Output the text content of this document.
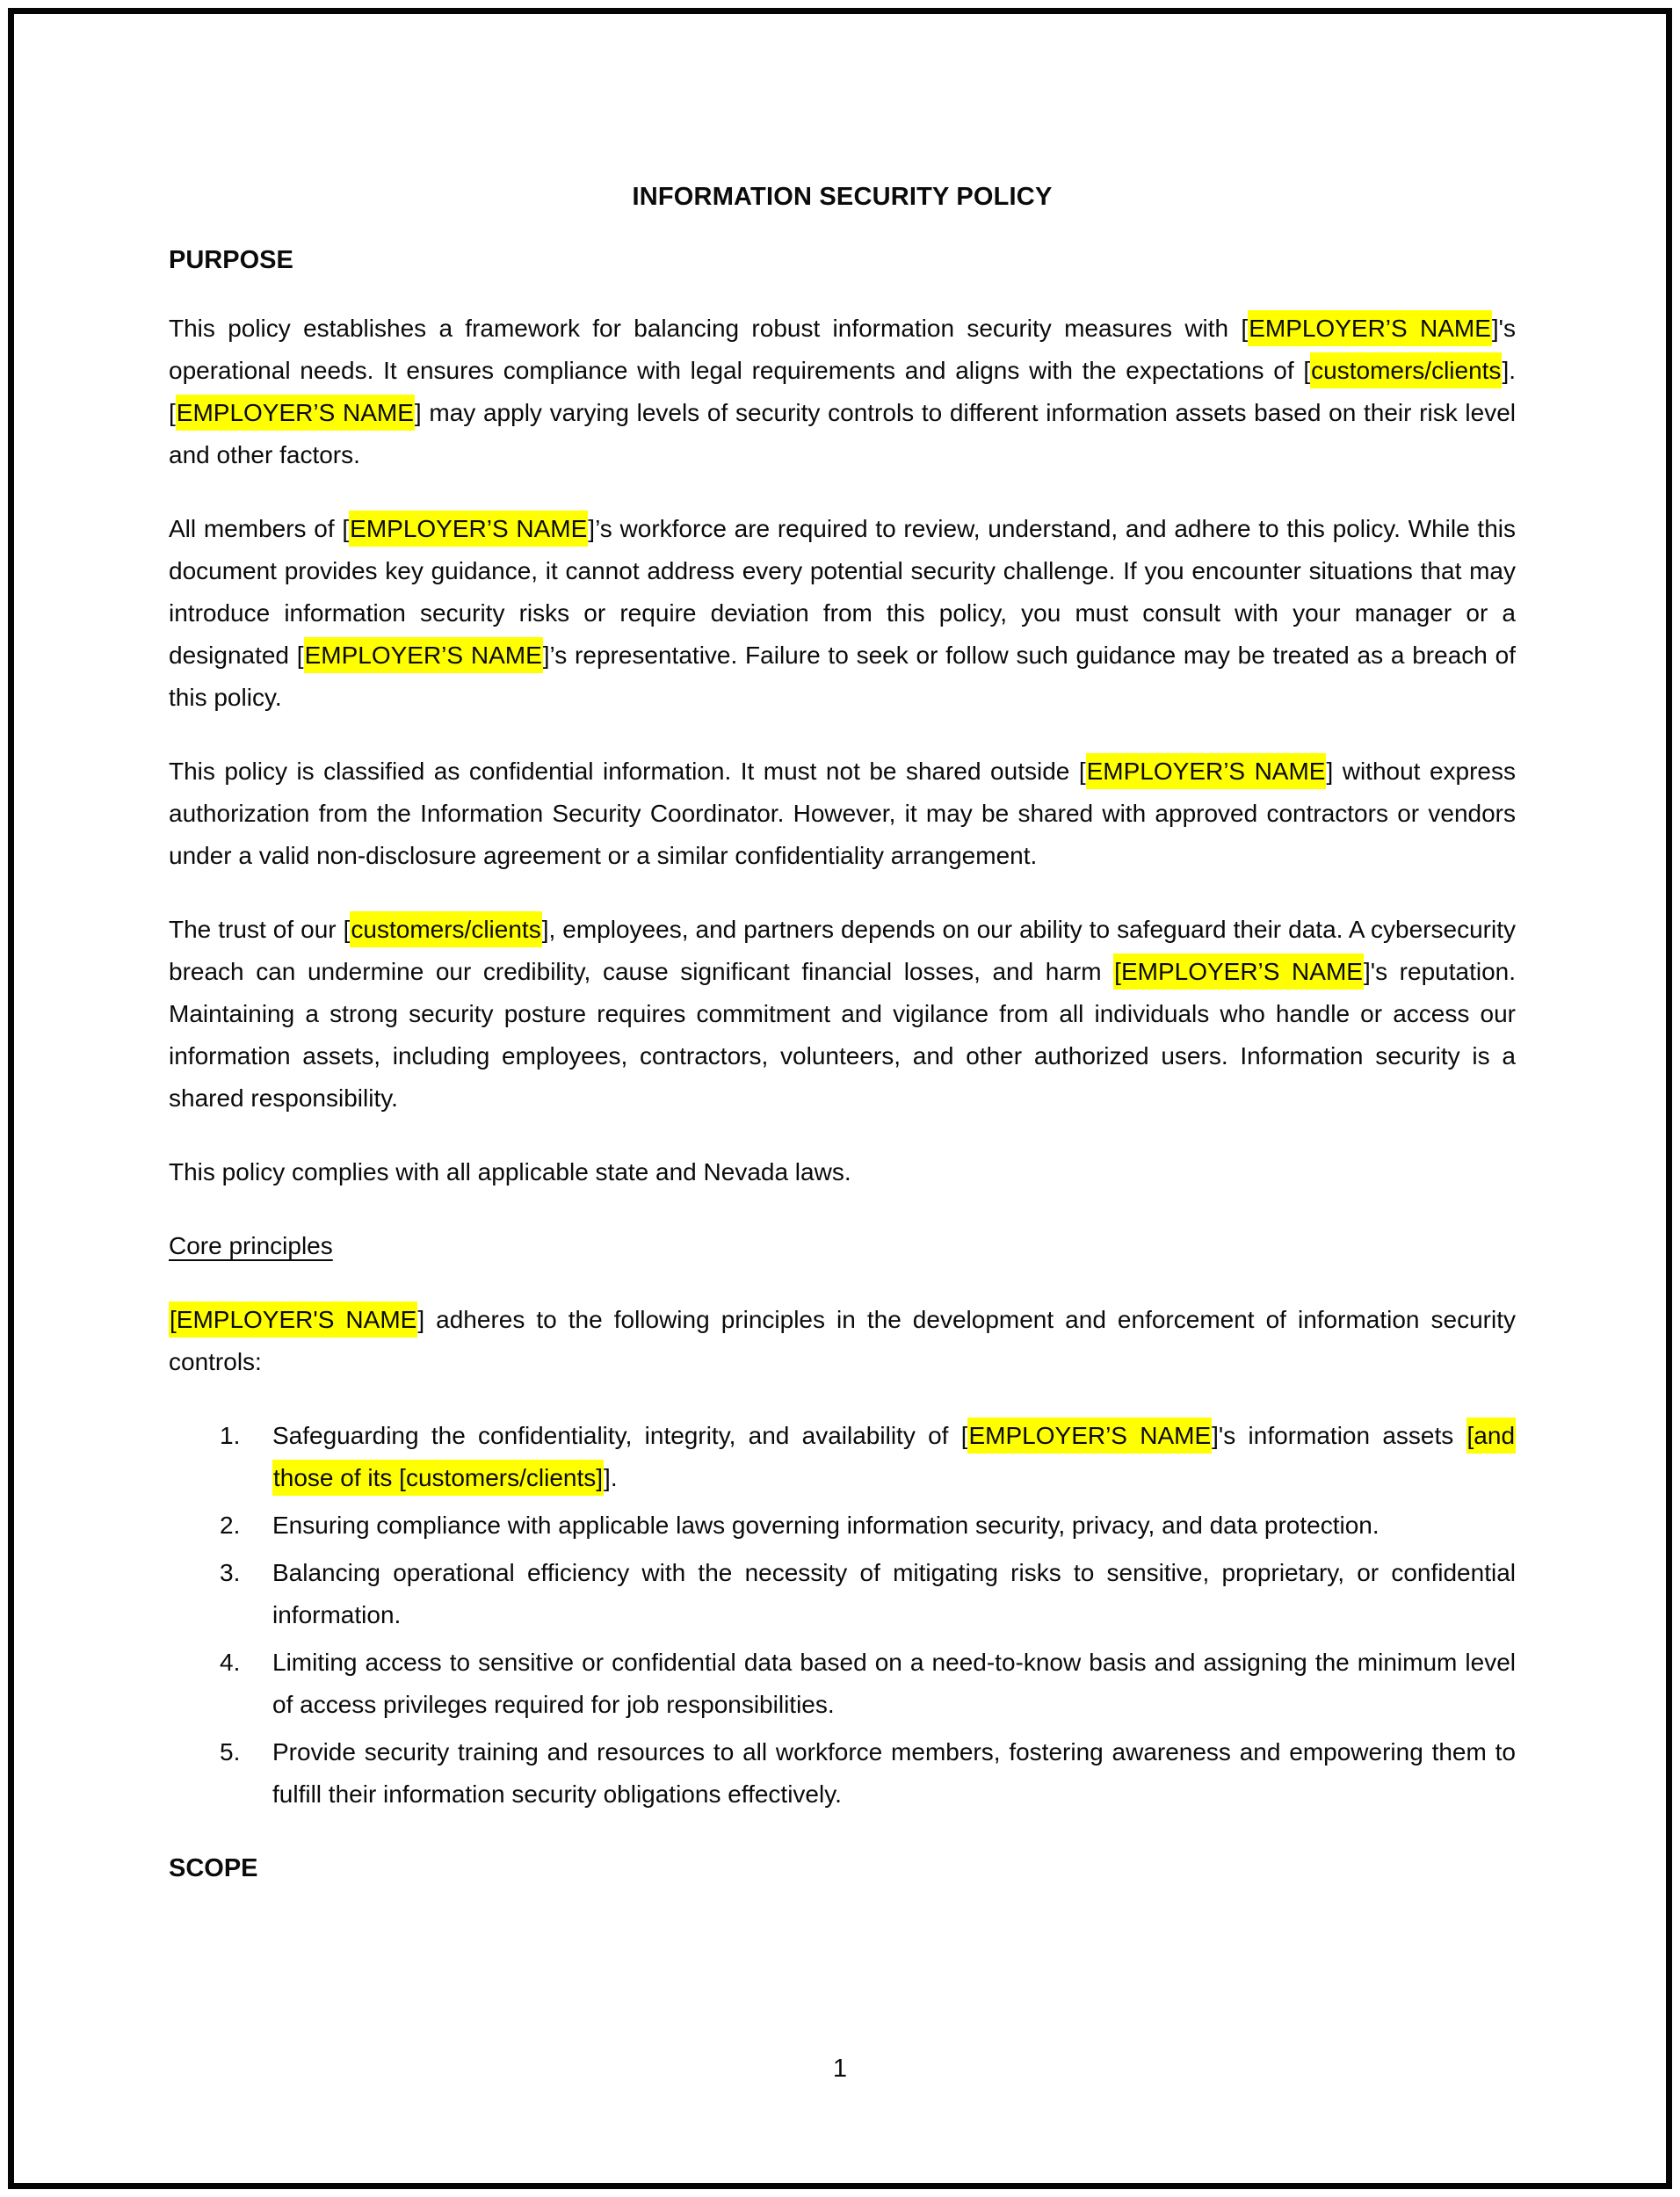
INFORMATION SECURITY POLICY
PURPOSE

This policy establishes a framework for balancing robust information security measures with [EMPLOYER’S NAME]'s operational needs. It ensures compliance with legal requirements and aligns with the expectations of [customers/clients]. [EMPLOYER’S NAME] may apply varying levels of security controls to different information assets based on their risk level and other factors.

All members of [EMPLOYER’S NAME]’s workforce are required to review, understand, and adhere to this policy. While this document provides key guidance, it cannot address every potential security challenge. If you encounter situations that may introduce information security risks or require deviation from this policy, you must consult with your manager or a designated [EMPLOYER’S NAME]’s representative. Failure to seek or follow such guidance may be treated as a breach of this policy.

This policy is classified as confidential information. It must not be shared outside [EMPLOYER’S NAME] without express authorization from the Information Security Coordinator. However, it may be shared with approved contractors or vendors under a valid non-disclosure agreement or a similar confidentiality arrangement.

The trust of our [customers/clients], employees, and partners depends on our ability to safeguard their data. A cybersecurity breach can undermine our credibility, cause significant financial losses, and harm [EMPLOYER’S NAME]'s reputation. Maintaining a strong security posture requires commitment and vigilance from all individuals who handle or access our information assets, including employees, contractors, volunteers, and other authorized users. Information security is a shared responsibility.

This policy complies with all applicable state and Nevada laws.

Core principles

[EMPLOYER'S NAME] adheres to the following principles in the development and enforcement of information security controls:

1.	Safeguarding the confidentiality, integrity, and availability of [EMPLOYER’S NAME]'s information assets [and those of its [customers/clients]].
2.	Ensuring compliance with applicable laws governing information security, privacy, and data protection.
3.	Balancing operational efficiency with the necessity of mitigating risks to sensitive, proprietary, or confidential information.
4.	Limiting access to sensitive or confidential data based on a need-to-know basis and assigning the minimum level of access privileges required for job responsibilities.
5.	Provide security training and resources to all workforce members, fostering awareness and empowering them to fulfill their information security obligations effectively.
SCOPE
1
